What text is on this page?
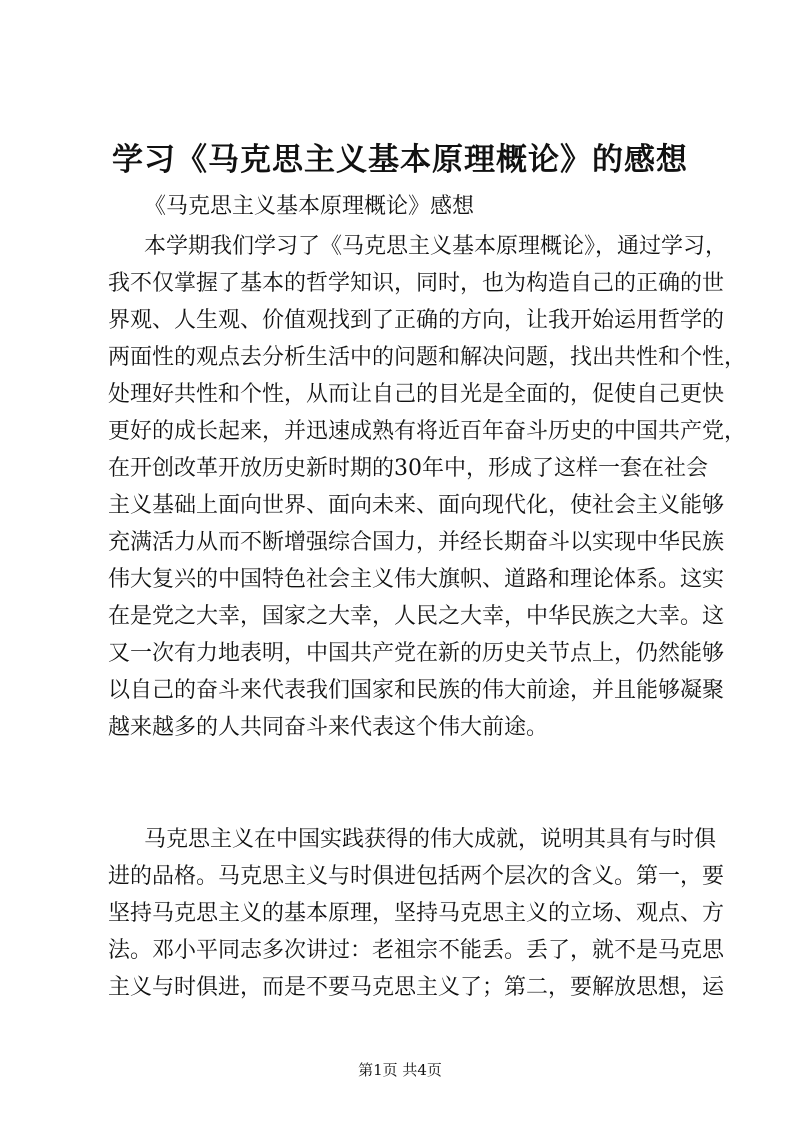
学习《马克思主义基本原理概论》的感想
《马克思主义基本原理概论》感想
本学期我们学习了《马克思主义基本原理概论》，通过学习，
我不仅掌握了基本的哲学知识，同时，也为构造自己的正确的世
界观、人生观、价值观找到了正确的方向，让我开始运用哲学的
两面性的观点去分析生活中的问题和解决问题，找出共性和个性，
处理好共性和个性，从而让自己的目光是全面的，促使自己更快
更好的成长起来，并迅速成熟有将近百年奋斗历史的中国共产党，
在开创改革开放历史新时期的30年中，形成了这样一套在社会
主义基础上面向世界、面向未来、面向现代化，使社会主义能够
充满活力从而不断增强综合国力，并经长期奋斗以实现中华民族
伟大复兴的中国特色社会主义伟大旗帜、道路和理论体系。这实
在是党之大幸，国家之大幸，人民之大幸，中华民族之大幸。这
又一次有力地表明，中国共产党在新的历史关节点上，仍然能够
以自己的奋斗来代表我们国家和民族的伟大前途，并且能够凝聚
越来越多的人共同奋斗来代表这个伟大前途。
马克思主义在中国实践获得的伟大成就，说明其具有与时俱
进的品格。马克思主义与时俱进包括两个层次的含义。第一，要
坚持马克思主义的基本原理，坚持马克思主义的立场、观点、方
法。邓小平同志多次讲过：老祖宗不能丢。丢了，就不是马克思
主义与时俱进，而是不要马克思主义了；第二，要解放思想，运
第1页 共4页
